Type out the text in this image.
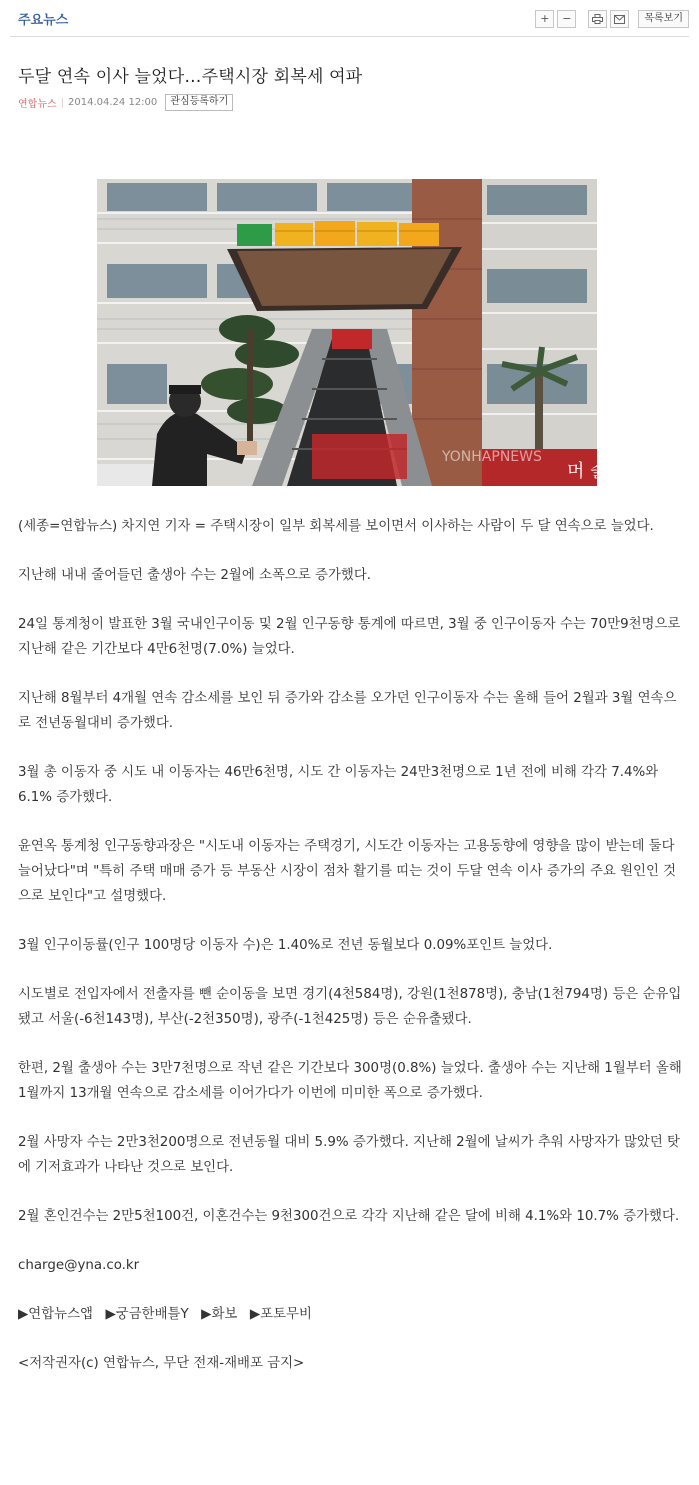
주요뉴스	+	−	목록보기
두달 연속 이사 늘었다…주택시장 회복세 여파
연합뉴스 | 2014.04.24 12:00	관심등록하기
머 슬
YONHAPNEWS

(세종=연합뉴스) 차지연 기자 = 주택시장이 일부 회복세를 보이면서 이사하는 사람이 두 달 연속으로 늘었다.

지난해 내내 줄어들던 출생아 수는 2월에 소폭으로 증가했다.

24일 통계청이 발표한 3월 국내인구이동 및 2월 인구동향 통계에 따르면, 3월 중 인구이동자 수는 70만9천명으로 지난해 같은 기간보다 4만6천명(7.0%) 늘었다.

지난해 8월부터 4개월 연속 감소세를 보인 뒤 증가와 감소를 오가던 인구이동자 수는 올해 들어 2월과 3월 연속으로 전년동월대비 증가했다.

3월 총 이동자 중 시도 내 이동자는 46만6천명, 시도 간 이동자는 24만3천명으로 1년 전에 비해 각각 7.4%와 6.1% 증가했다.

윤연옥 통계청 인구동향과장은 "시도내 이동자는 주택경기, 시도간 이동자는 고용동향에 영향을 많이 받는데 둘다 늘어났다"며 "특히 주택 매매 증가 등 부동산 시장이 점차 활기를 띠는 것이 두달 연속 이사 증가의 주요 원인인 것으로 보인다"고 설명했다.

3월 인구이동률(인구 100명당 이동자 수)은 1.40%로 전년 동월보다 0.09%포인트 늘었다.

시도별로 전입자에서 전출자를 뺀 순이동을 보면 경기(4천584명), 강원(1천878명), 충남(1천794명) 등은 순유입됐고 서울(-6천143명), 부산(-2천350명), 광주(-1천425명) 등은 순유출됐다.

한편, 2월 출생아 수는 3만7천명으로 작년 같은 기간보다 300명(0.8%) 늘었다. 출생아 수는 지난해 1월부터 올해 1월까지 13개월 연속으로 감소세를 이어가다가 이번에 미미한 폭으로 증가했다.

2월 사망자 수는 2만3천200명으로 전년동월 대비 5.9% 증가했다. 지난해 2월에 날씨가 추워 사망자가 많았던 탓에 기저효과가 나타난 것으로 보인다.

2월 혼인건수는 2만5천100건, 이혼건수는 9천300건으로 각각 지난해 같은 달에 비해 4.1%와 10.7% 증가했다.

charge@yna.co.kr

▶연합뉴스앱 ▶궁금한배틀Y ▶화보 ▶포토무비

<저작권자(c) 연합뉴스, 무단 전재-재배포 금지>
